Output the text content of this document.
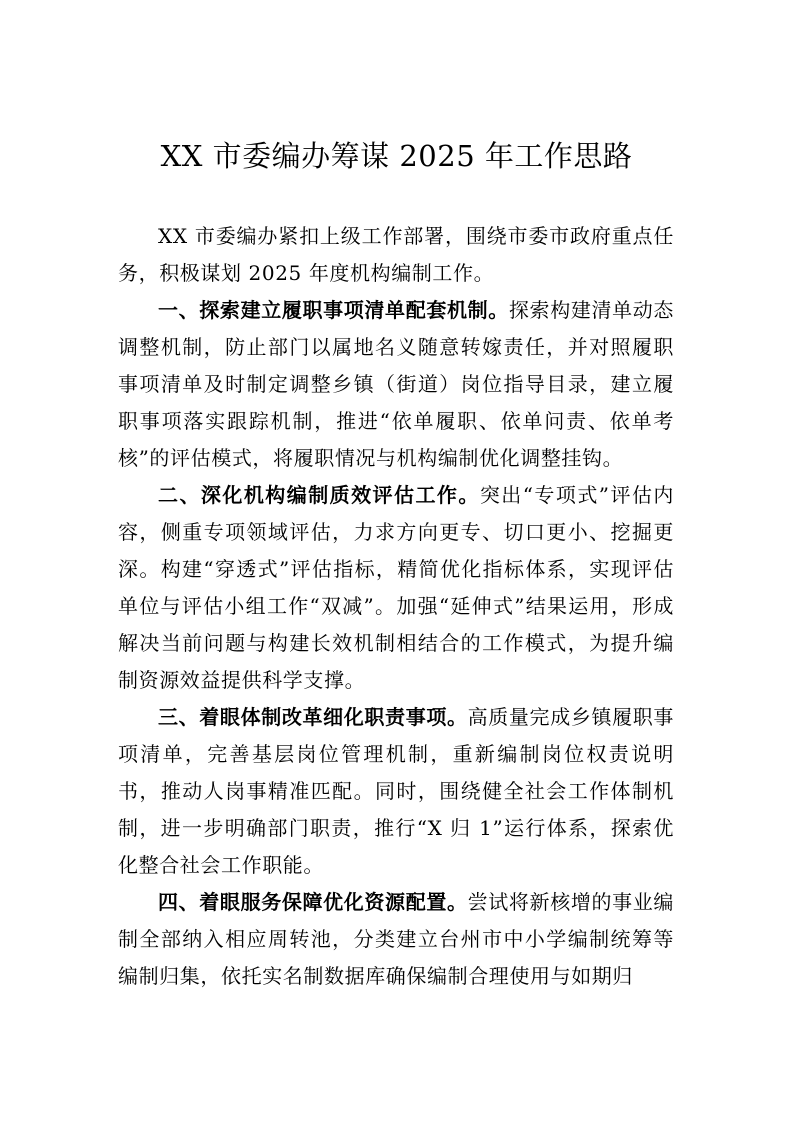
XX 市委编办筹谋 2025 年工作思路

XX 市委编办紧扣上级工作部署，围绕市委市政府重点任务，积极谋划 2025 年度机构编制工作。

一、探索建立履职事项清单配套机制。探索构建清单动态调整机制，防止部门以属地名义随意转嫁责任，并对照履职事项清单及时制定调整乡镇（街道）岗位指导目录，建立履职事项落实跟踪机制，推进“依单履职、依单问责、依单考核”的评估模式，将履职情况与机构编制优化调整挂钩。

二、深化机构编制质效评估工作。突出“专项式”评估内容，侧重专项领域评估，力求方向更专、切口更小、挖掘更深。构建“穿透式”评估指标，精简优化指标体系，实现评估单位与评估小组工作“双减”。加强“延伸式”结果运用，形成解决当前问题与构建长效机制相结合的工作模式，为提升编制资源效益提供科学支撑。

三、着眼体制改革细化职责事项。高质量完成乡镇履职事项清单，完善基层岗位管理机制，重新编制岗位权责说明书，推动人岗事精准匹配。同时，围绕健全社会工作体制机制，进一步明确部门职责，推行“X 归 1”运行体系，探索优化整合社会工作职能。

四、着眼服务保障优化资源配置。尝试将新核增的事业编制全部纳入相应周转池，分类建立台州市中小学编制统筹等编制归集，依托实名制数据库确保编制合理使用与如期归
